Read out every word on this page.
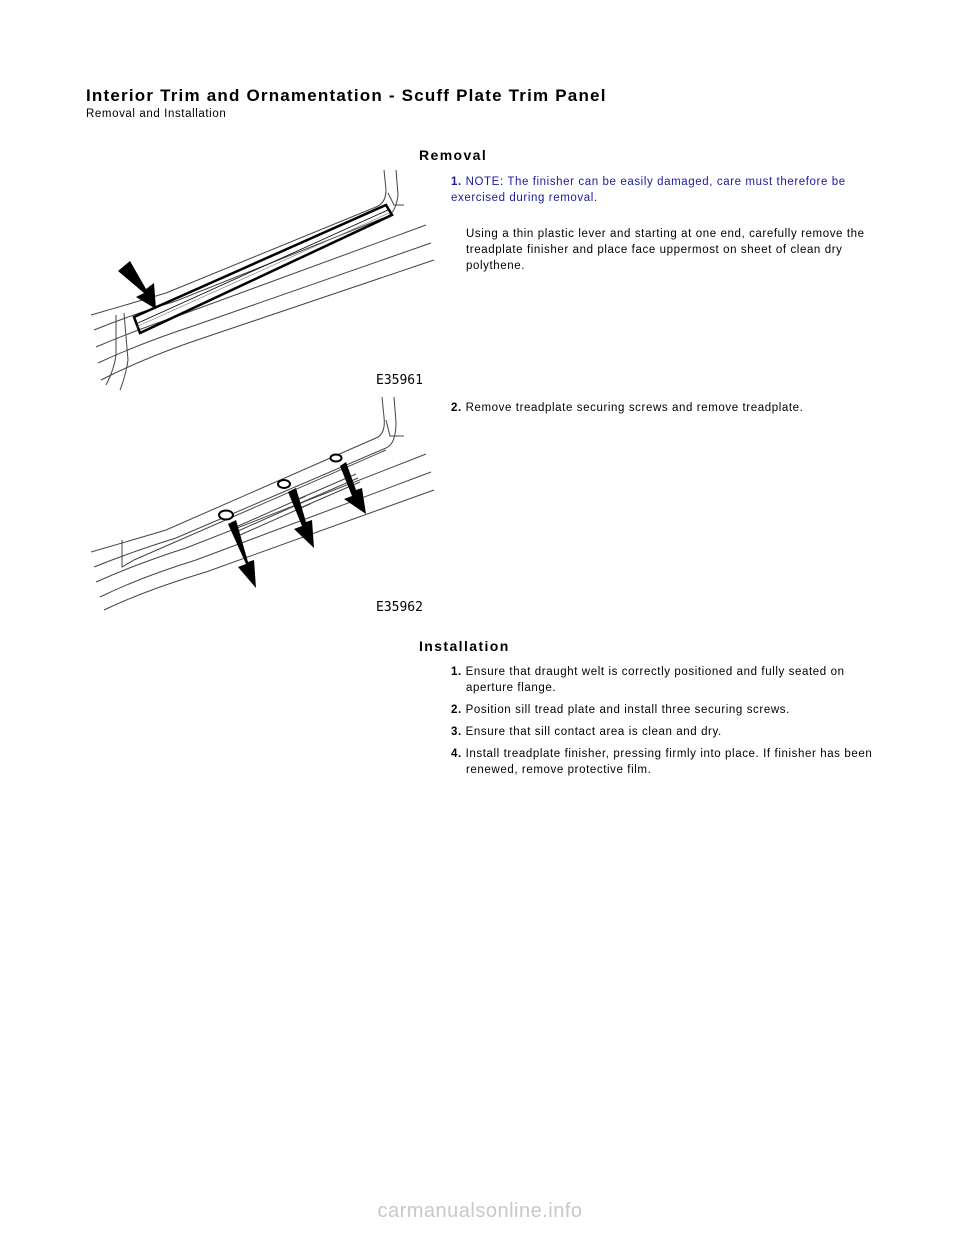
Interior Trim and Ornamentation - Scuff Plate Trim Panel
Removal and Installation
Removal
E35961
1. NOTE: The finisher can be easily damaged, care must therefore be exercised during removal.
Using a thin plastic lever and starting at one end, carefully remove the treadplate finisher and place face uppermost on sheet of clean dry polythene.
E35962
2. Remove treadplate securing screws and remove treadplate.
Installation
1. Ensure that draught welt is correctly positioned and fully seated on aperture flange.
2. Position sill tread plate and install three securing screws.
3. Ensure that sill contact area is clean and dry.
4. Install treadplate finisher, pressing firmly into place. If finisher has been renewed, remove protective film.
carmanualsonline.info
